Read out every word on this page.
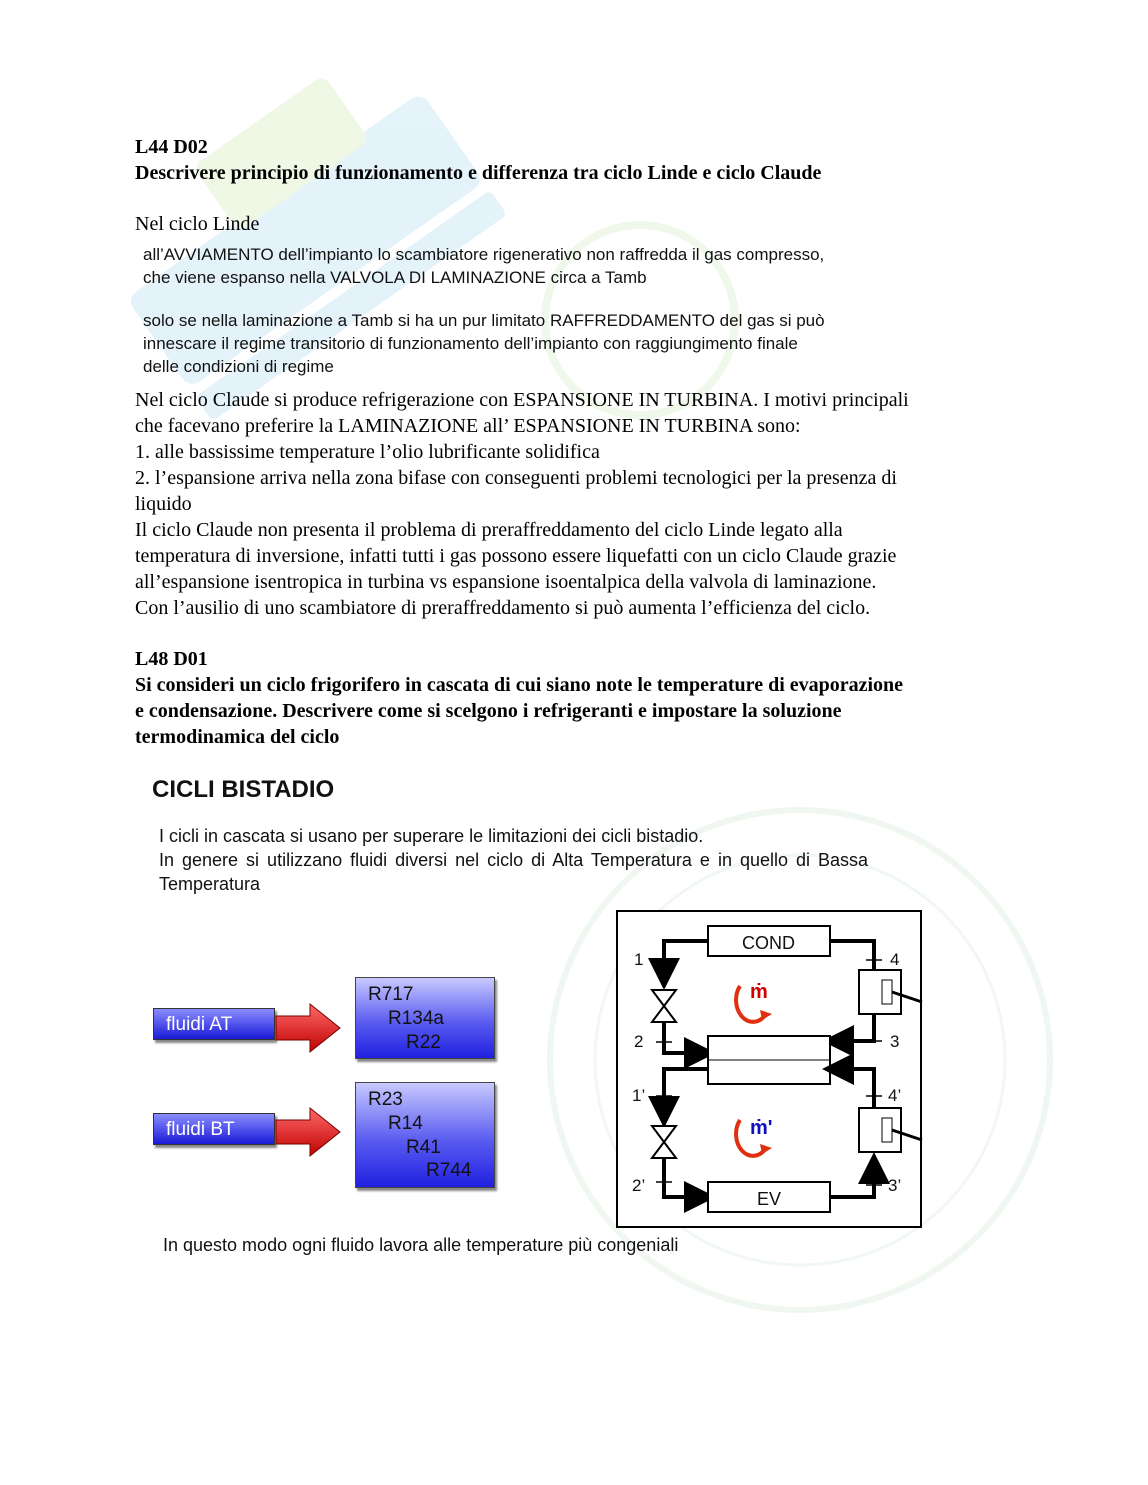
L44 D02
Descrivere principio di funzionamento e differenza tra ciclo Linde e ciclo Claude
Nel ciclo Linde
all’AVVIAMENTO dell’impianto lo scambiatore rigenerativo non raffredda il gas compresso,
che viene espanso nella VALVOLA DI LAMINAZIONE circa a Tamb
solo se nella laminazione a Tamb si ha un pur limitato RAFFREDDAMENTO del gas si può
innescare il regime transitorio di funzionamento dell’impianto con raggiungimento finale
delle condizioni di regime
Nel ciclo Claude si produce refrigerazione con ESPANSIONE IN TURBINA. I motivi principali
che facevano preferire la LAMINAZIONE all’ ESPANSIONE IN TURBINA sono:
1. alle bassissime temperature l’olio lubrificante solidifica
2. l’espansione arriva nella zona bifase con conseguenti problemi tecnologici per la presenza di
liquido
Il ciclo Claude non presenta il problema di preraffreddamento del ciclo Linde legato alla
temperatura di inversione, infatti tutti i gas possono essere liquefatti con un ciclo Claude grazie
all’espansione isentropica in turbina vs espansione isoentalpica della valvola di laminazione.
Con l’ausilio di uno scambiatore di preraffreddamento si può aumenta l’efficienza del ciclo.
L48 D01
Si consideri un ciclo frigorifero in cascata di cui siano note le temperature di evaporazione
e condensazione. Descrivere come si scelgono i refrigeranti e impostare la soluzione
termodinamica del ciclo
CICLI BISTADIO
I cicli in cascata si usano per superare le limitazioni dei cicli bistadio.
In genere si utilizzano fluidi diversi nel ciclo di Alta Temperatura e in quello di Bassa
Temperatura
fluidi AT
R717
R134a
R22
fluidi BT
R23
R14
R41
R744
COND
EV
ṁ
ṁ'
1
2	3
4
1’
2’	3’
4’
In questo modo ogni fluido lavora alle temperature più congeniali
